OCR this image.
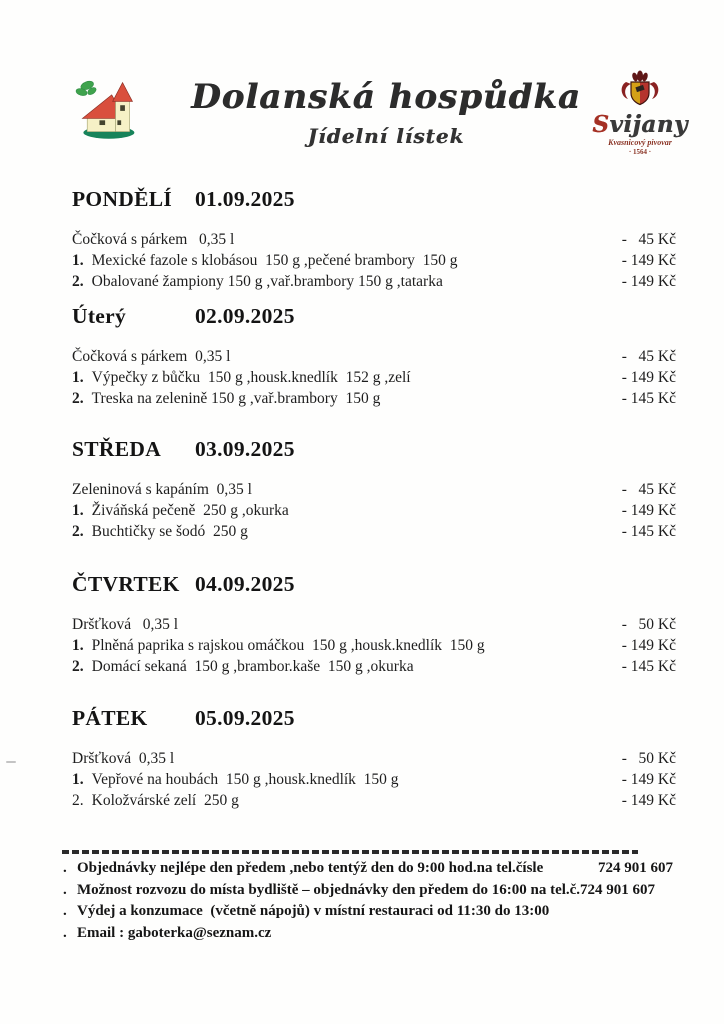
Dolanská hospůdka
Jídelní lístek	Svijany
Kvasnicový pivovar
· 1564 ·
PONDĚLÍ	01.09.2025
Čočková s párkem   0,35 l	-   45 Kč
1. Mexické fazole s klobásou  150 g ,pečené brambory  150 g	- 149 Kč
2. Obalované žampiony 150 g ,vař.brambory 150 g ,tatarka	- 149 Kč
Úterý	02.09.2025
Čočková s párkem  0,35 l	-   45 Kč
1. Výpečky z bůčku  150 g ,housk.knedlík  152 g ,zelí	- 149 Kč
2. Treska na zelenině 150 g ,vař.brambory  150 g	- 145 Kč
STŘEDA	03.09.2025
Zeleninová s kapáním  0,35 l	-   45 Kč
1. Živáňská pečeně  250 g ,okurka	- 149 Kč
2. Buchtičky se šodó  250 g	- 145 Kč
ČTVRTEK 04.09.2025
Dršťková   0,35 l	-   50 Kč
1. Plněná paprika s rajskou omáčkou  150 g ,housk.knedlík  150 g	- 149 Kč
2. Domácí sekaná  150 g ,brambor.kaše  150 g ,okurka	- 145 Kč
PÁTEK	05.09.2025
Dršťková  0,35 l	-   50 Kč
1. Vepřové na houbách  150 g ,housk.knedlík  150 g	- 149 Kč
2. Koložvárské zelí  250 g	- 149 Kč
. Objednávky nejlépe den předem ,nebo tentýž den do 9:00 hod.na tel.čísle	724 901 607
. Možnost rozvozu do místa bydliště – objednávky den předem do 16:00 na tel.č.724 901 607
. Výdej a konzumace  (včetně nápojů) v místní restauraci od 11:30 do 13:00
. Email : gaboterka@seznam.cz
